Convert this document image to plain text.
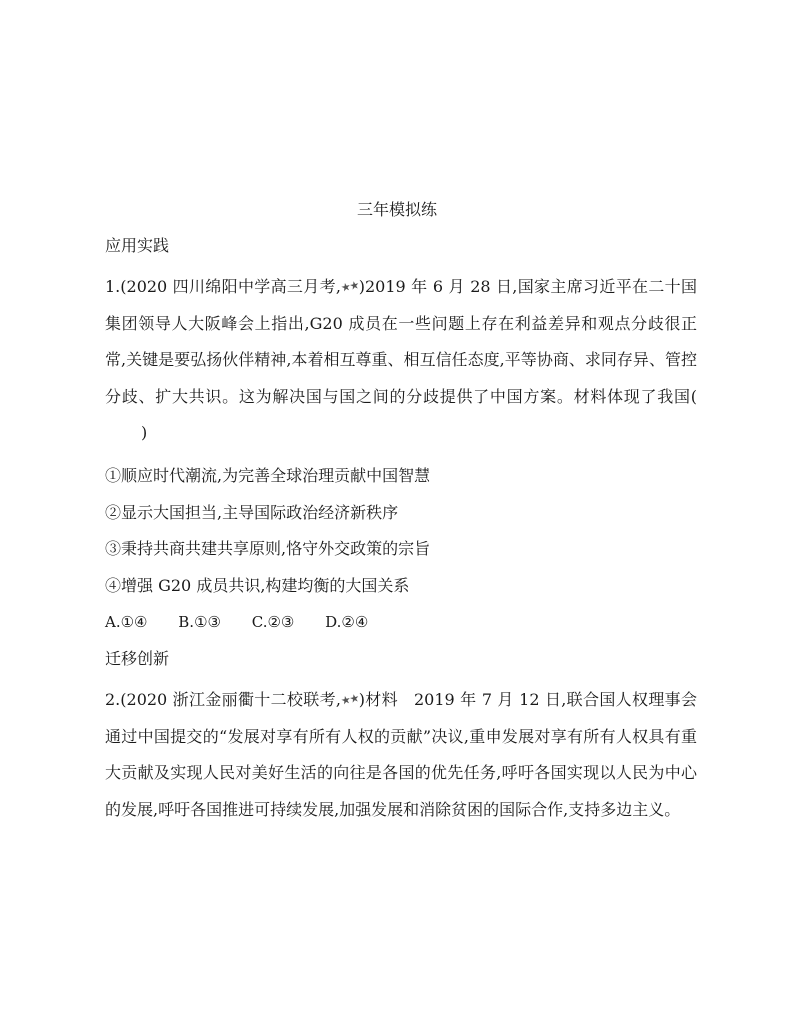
三年模拟练
应用实践
1.(2020 四川绵阳中学高三月考,★★)2019 年 6 月 28 日,国家主席习近平在二十国集团领导人大阪峰会上指出,G20 成员在一些问题上存在利益差异和观点分歧很正常,关键是要弘扬伙伴精神,本着相互尊重、相互信任态度,平等协商、求同存异、管控分歧、扩大共识。这为解决国与国之间的分歧提供了中国方案。材料体现了我国()
①顺应时代潮流,为完善全球治理贡献中国智慧
②显示大国担当,主导国际政治经济新秩序
③秉持共商共建共享原则,恪守外交政策的宗旨
④增强 G20 成员共识,构建均衡的大国关系
A.①④ B.①③ C.②③ D.②④
迁移创新
2.(2020 浙江金丽衢十二校联考,★★)材料 2019 年 7 月 12 日,联合国人权理事会通过中国提交的“发展对享有所有人权的贡献”决议,重申发展对享有所有人权具有重大贡献及实现人民对美好生活的向往是各国的优先任务,呼吁各国实现以人民为中心的发展,呼吁各国推进可持续发展,加强发展和消除贫困的国际合作,支持多边主义。
